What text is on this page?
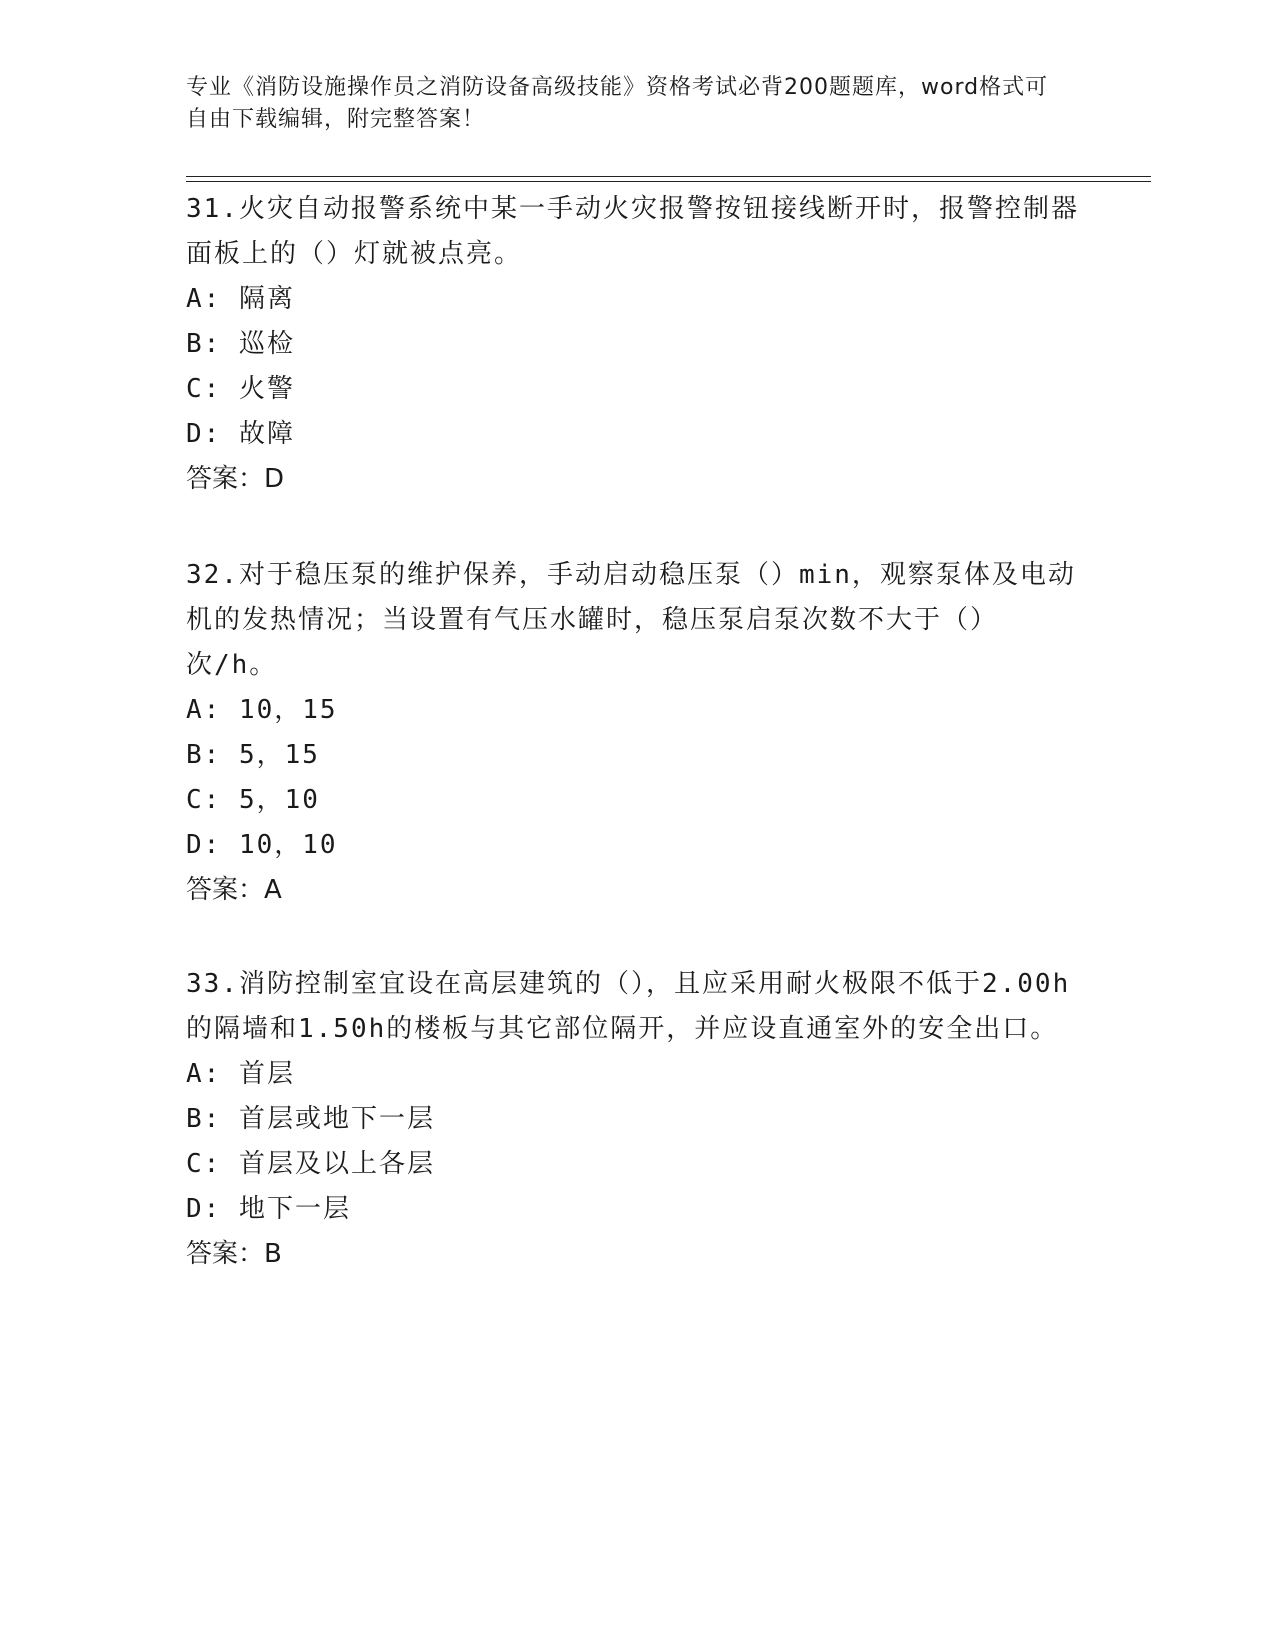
专业《消防设施操作员之消防设备高级技能》资格考试必背200题题库，word格式可自由下载编辑，附完整答案！

31.火灾自动报警系统中某一手动火灾报警按钮接线断开时，报警控制器面板上的（）灯就被点亮。

A: 隔离

B: 巡检

C: 火警

D: 故障

答案：D

32.对于稳压泵的维护保养，手动启动稳压泵（）min，观察泵体及电动机的发热情况；当设置有气压水罐时，稳压泵启泵次数不大于（）次/h。

A: 10，15

B: 5，15

C: 5，10

D: 10，10

答案：A

33.消防控制室宜设在高层建筑的（），且应采用耐火极限不低于2.00h的隔墙和1.50h的楼板与其它部位隔开，并应设直通室外的安全出口。

A: 首层

B: 首层或地下一层

C: 首层及以上各层

D: 地下一层

答案：B
